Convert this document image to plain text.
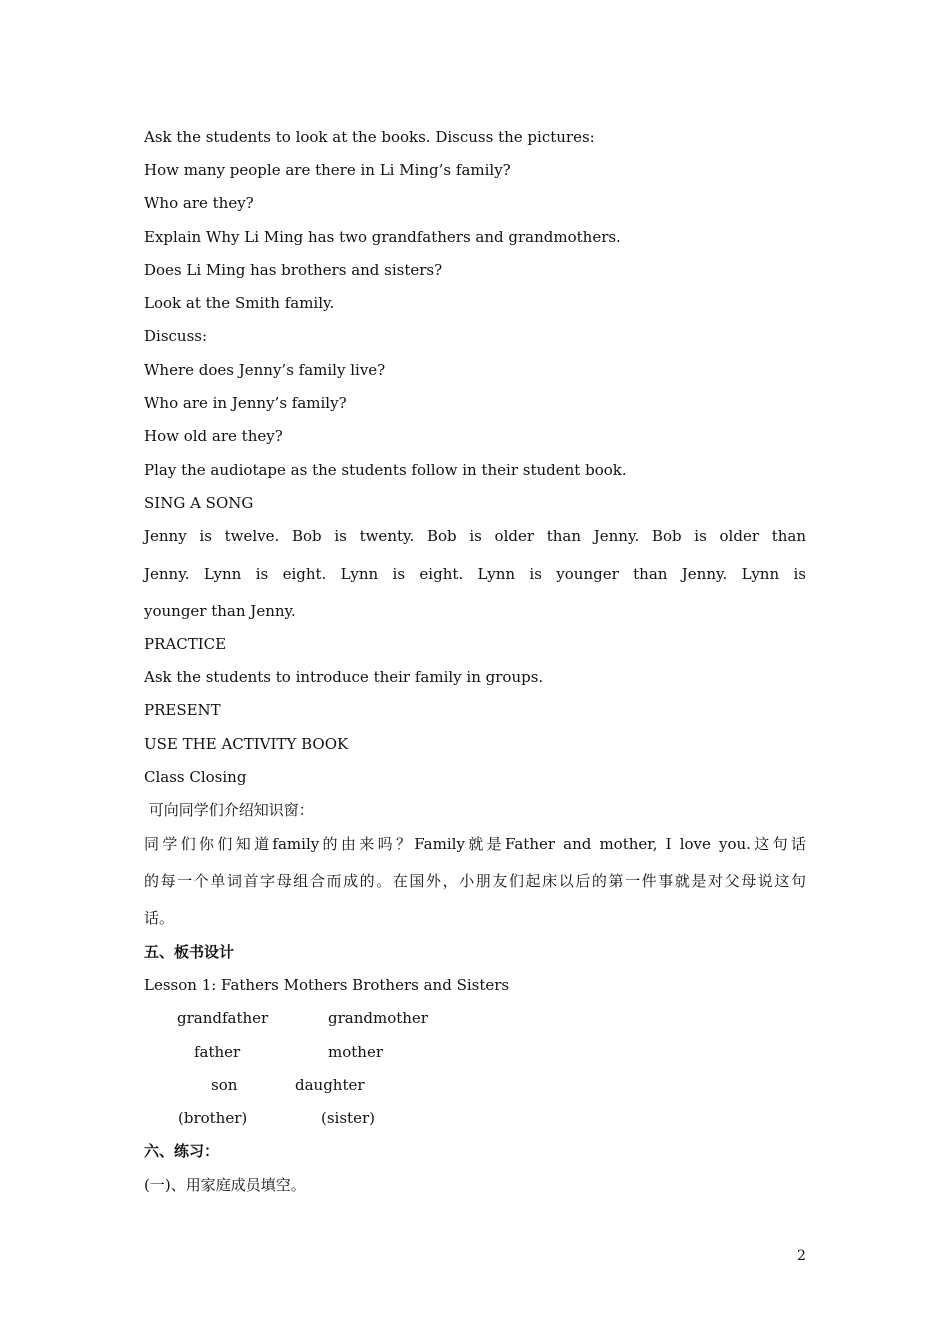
Ask the students to look at the books. Discuss the pictures:
How many people are there in Li Ming’s family?
Who are they?
Explain Why Li Ming has two grandfathers and grandmothers.
Does Li Ming has brothers and sisters?
Look at the Smith family.
Discuss:
Where does Jenny’s family live?
Who are in Jenny’s family?
How old are they?
Play the audiotape as the students follow in their student book.
SING A SONG
Jenny is twelve. Bob is twenty. Bob is older than Jenny. Bob is older than
Jenny. Lynn is eight. Lynn is eight. Lynn is younger than Jenny. Lynn is
younger than Jenny.
PRACTICE
Ask the students to introduce their family in groups.
PRESENT
USE THE ACTIVITY BOOK
Class Closing
可向同学们介绍知识窗：
同学们你们知道family的由来吗？Family就是Father and mother, I love you.这句话
的每一个单词首字母组合而成的。在国外，小朋友们起床以后的第一件事就是对父母说这句
话。
五、板书设计
Lesson 1: Fathers Mothers Brothers and Sisters
grandfather	grandmother
father	mother
son	daughter
(brother)	(sister)
六、练习：
(一)、用家庭成员填空。
2
